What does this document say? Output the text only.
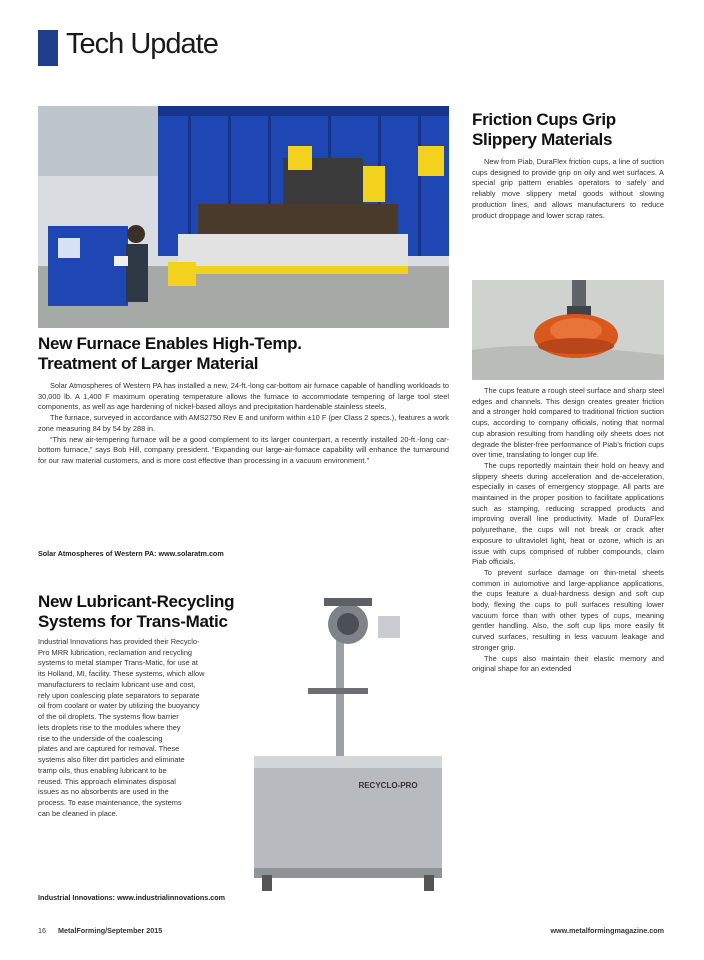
Tech Update
New Furnace Enables High-Temp.
Treatment of Larger Material

Solar Atmospheres of Western PA has installed a new, 24-ft.-long car-bottom air furnace capable of handling workloads to 30,000 lb. A 1,400 F maximum operating temperature allows the furnace to accommodate tempering of large tool steel components, as well as age hardening of nickel-based alloys and precipitation hardenable stainless steels.

The furnace, surveyed in accordance with AMS2750 Rev E and uniform within ±10 F (per Class 2 specs.), features a work zone measuring 84 by 54 by 288 in.

“This new air-tempering furnace will be a good complement to its larger counterpart, a recently installed 20-ft.-long car-bottom furnace,” says Bob Hill, company president. “Expanding our large-air-furnace capability will enhance the turnaround for our raw material customers, and is more cost effective than processing in a vacuum environment.”

Solar Atmospheres of Western PA: www.solaratm.com
New Lubricant-Recycling
Systems for Trans-Matic
Industrial Innovations has provided their Recyclo-
Pro MRR lubrication, reclamation and recycling
systems to metal stamper Trans-Matic, for use at
its Holland, MI, facility. These systems, which allow
manufacturers to reclaim lubricant use and cost,
rely upon coalescing plate separators to separate
oil from coolant or water by utilizing the buoyancy
of the oil droplets. The systems flow barrier
lets droplets rise to the modules where they
rise to the underside of the coalescing
plates and are captured for removal. These
systems also filter dirt particles and eliminate
tramp oils, thus enabling lubricant to be
reused. This approach eliminates disposal
issues as no absorbents are used in the
process. To ease maintenance, the systems
can be cleaned in place.
Industrial Innovations: www.industrialinnovations.com
RECYCLO-PRO
Friction Cups Grip
Slippery Materials

New from Piab, DuraFlex friction cups, a line of suction cups designed to provide grip on oily and wet surfaces. A special grip pattern enables operators to safely and reliably move slippery metal goods without slowing production lines, and allows manufacturers to reduce product droppage and lower scrap rates.

The cups feature a rough steel surface and sharp steel edges and channels. This design creates greater friction and a stronger hold compared to traditional friction suction cups, according to company officials, noting that normal cup abrasion resulting from handling oily sheets does not degrade the blister-free performance of Piab’s friction cups over time, translating to longer cup life.

The cups reportedly maintain their hold on heavy and slippery sheets during acceleration and de-acceleration, especially in cases of emergency stoppage. All parts are maintained in the proper position to facilitate applications such as stamping, reducing scrapped products and improving overall line productivity. Made of DuraFlex polyurethane, the cups will not break or crack after exposure to ultraviolet light, heat or ozone, which is an issue with cups comprised of rubber compounds, claim Piab officials.

To prevent surface damage on thin-metal sheets common in automotive and large-appliance applications, the cups feature a dual-hardness design and soft cup body, flexing the cups to pull surfaces resulting lower vacuum force than with other types of cups, meaning gentler handling. Also, the soft cup lips more easily fit curved surfaces, resulting in less vacuum leakage and stronger grip.

The cups also maintain their elastic memory and original shape for an extended

16 MetalForming/September 2015	www.metalformingmagazine.com
